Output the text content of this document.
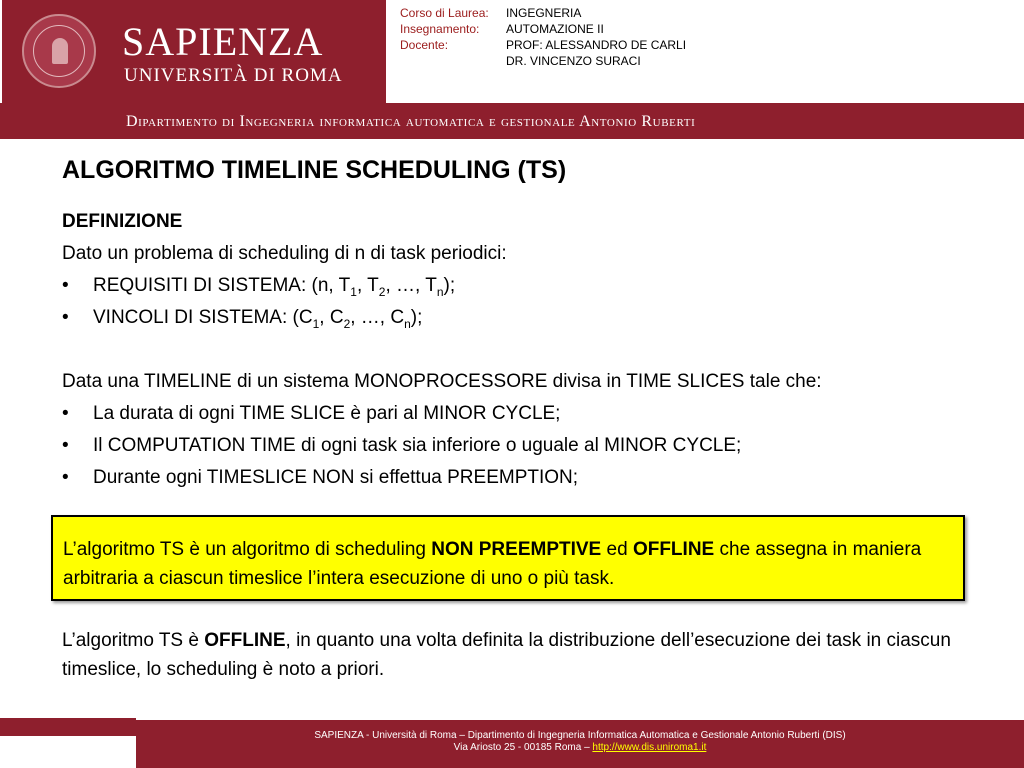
SAPIENZA
UNIVERSITÀ DI ROMA
Corso di Laurea:	INGEGNERIA
Insegnamento:	AUTOMAZIONE II
Docente:	PROF: ALESSANDRO DE CARLI
DR. VINCENZO SURACI
Dipartimento di Ingegneria informatica automatica e gestionale Antonio Ruberti
ALGORITMO TIMELINE SCHEDULING (TS)
DEFINIZIONE
Dato un problema di scheduling di n di task periodici:
• REQUISITI DI SISTEMA: (n, $T_1$, $T_2$, …, $T_n$);
• VINCOLI DI SISTEMA: ($C_1$, $C_2$, …, $C_n$);
Data una TIMELINE di un sistema MONOPROCESSORE divisa in TIME SLICES tale che:
• La durata di ogni TIME SLICE è pari al MINOR CYCLE;
• Il COMPUTATION TIME di ogni task sia inferiore o uguale al MINOR CYCLE;
• Durante ogni TIMESLICE NON si effettua PREEMPTION;
L’algoritmo TS è un algoritmo di scheduling NON PREEMPTIVE ed OFFLINE che assegna in maniera arbitraria a ciascun timeslice l’intera esecuzione di uno o più task.
L’algoritmo TS è OFFLINE, in quanto una volta definita la distribuzione dell’esecuzione dei task in ciascun timeslice, lo scheduling è noto a priori.
SAPIENZA - Università di Roma – Dipartimento di Ingegneria Informatica Automatica e Gestionale Antonio Ruberti (DIS)
Via Ariosto 25 - 00185 Roma – http://www.dis.uniroma1.it
